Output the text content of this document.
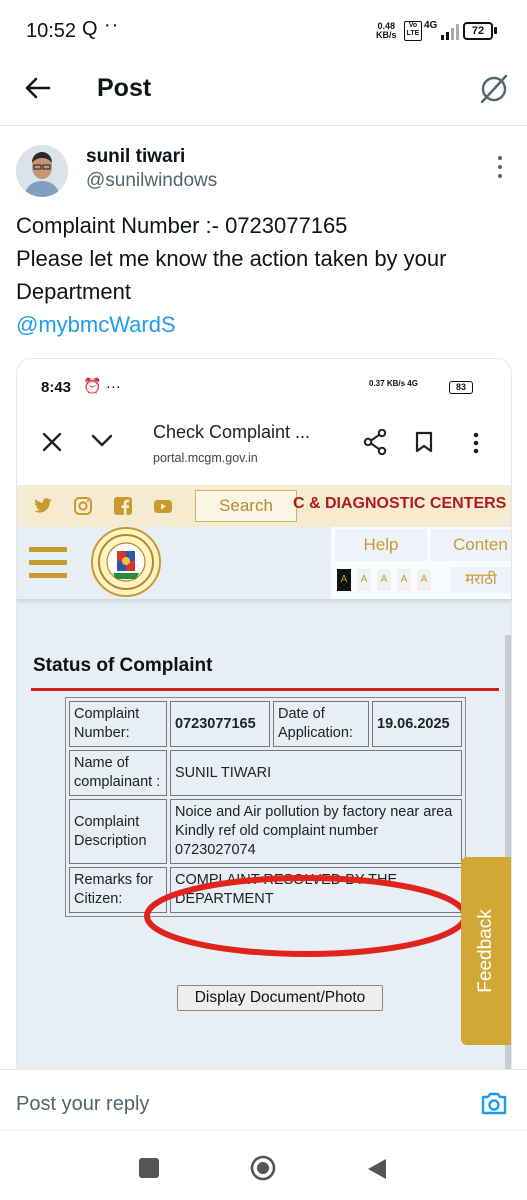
10:52 Q ··	0.48
KB/s
Vo LTE
4G	72
Post
sunil tiwari
@sunilwindows
Complaint Number :- 0723077165
Please let me know the action taken by your
Department
@mybmcWardS
8:43 ⏰ ···	0.37 KB/s 4G	83
Check Complaint ...
portal.mcgm.gov.in
Search	C & DIAGNOSTIC CENTERS
Help	Conten
A	A	A	A	A	मराठी
Status of Complaint
Complaint Number:	0723077165	Date of Application:	19.06.2025
Name of complainant :	SUNIL TIWARI		
Complaint Description	Noice and Air pollution by factory near area Kindly ref old complaint number 0723027074		
Remarks for Citizen:	COMPLAINT RESOLVED BY THE DEPARTMENT		
Display Document/Photo
Feedback
Post your reply
